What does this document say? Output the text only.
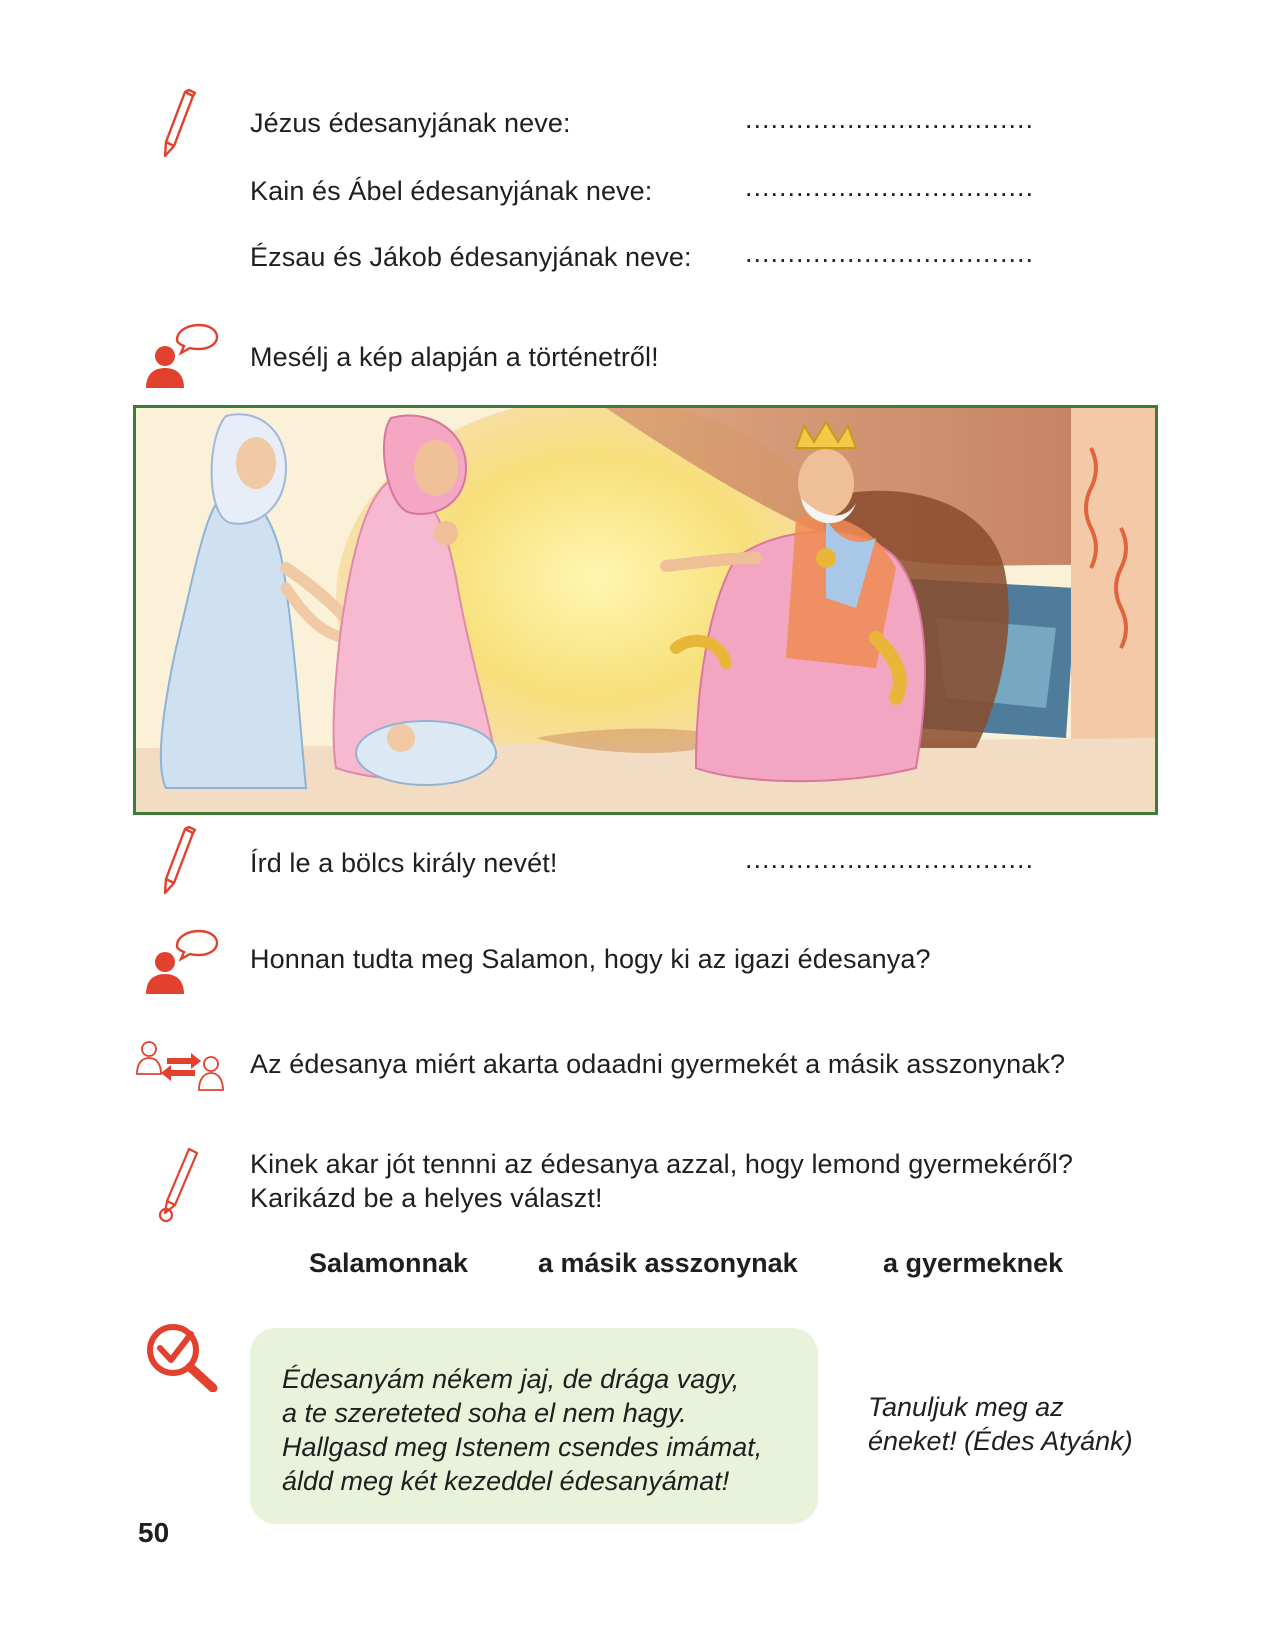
Jézus édesanyjának neve:	..................................
Kain és Ábel édesanyjának neve:	..................................
Ézsau és Jákob édesanyjának neve: ..................................
Mesélj a kép alapján a történetről!
Írd le a bölcs király nevét!	..................................
Honnan tudta meg Salamon, hogy ki az igazi édesanya?
Az édesanya miért akarta odaadni gyermekét a másik asszonynak?
Kinek akar jót tennni az édesanya azzal, hogy lemond gyermekéről?
Karikázd be a helyes választ!
Salamonnak	a másik asszonynak	a gyermeknek

Édesanyám nékem jaj, de drága vagy,
a te szereteted soha el nem hagy.
Hallgasd meg Istenem csendes imámat,
áldd meg két kezeddel édesanyámat!

Tanuljuk meg az
éneket! (Édes Atyánk)
50
